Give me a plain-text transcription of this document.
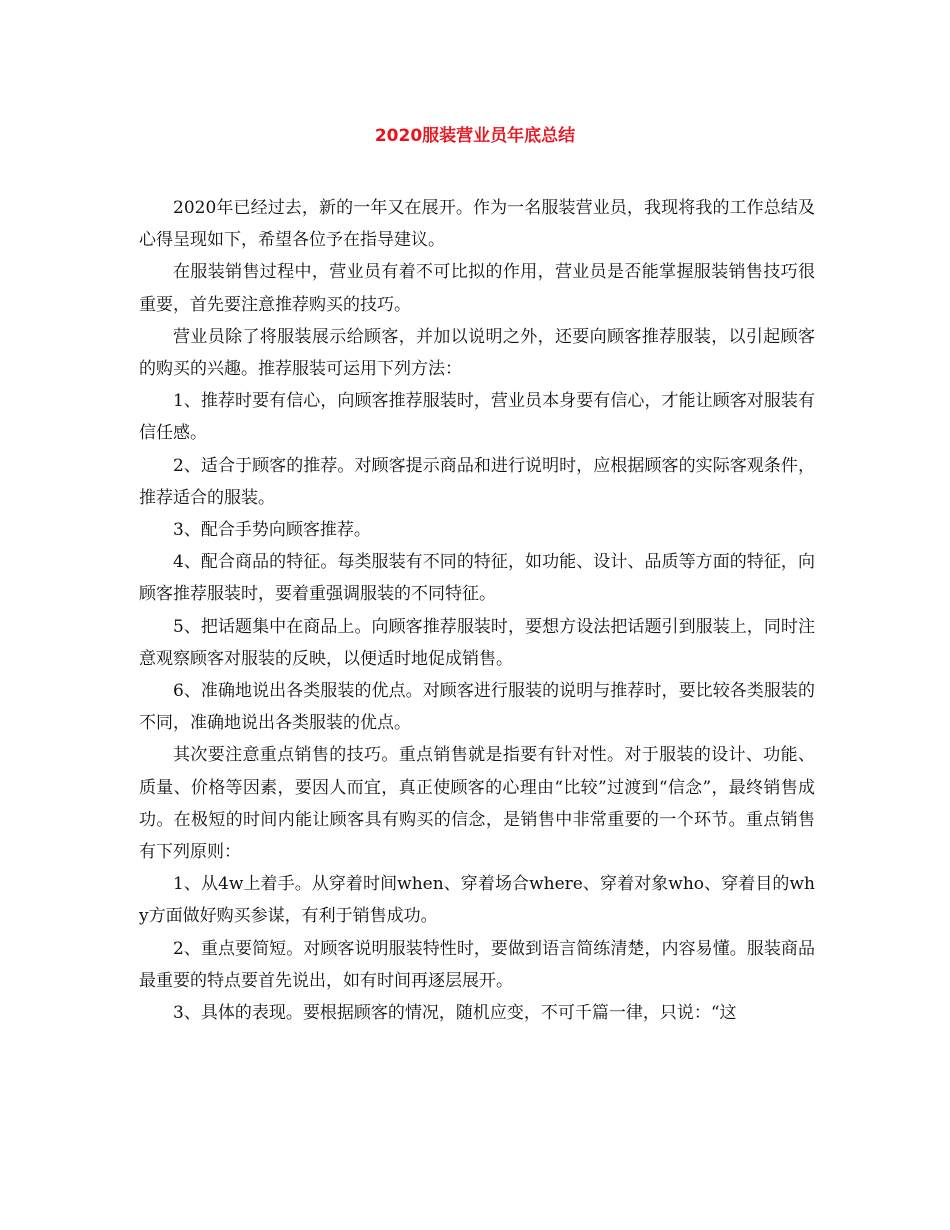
2020服装营业员年底总结

2020年已经过去，新的一年又在展开。作为一名服装营业员，我现将我的工作总结及心得呈现如下，希望各位予在指导建议。

在服装销售过程中，营业员有着不可比拟的作用，营业员是否能掌握服装销售技巧很重要，首先要注意推荐购买的技巧。

营业员除了将服装展示给顾客，并加以说明之外，还要向顾客推荐服装，以引起顾客的购买的兴趣。推荐服装可运用下列方法：

1、推荐时要有信心，向顾客推荐服装时，营业员本身要有信心，才能让顾客对服装有信任感。

2、适合于顾客的推荐。对顾客提示商品和进行说明时，应根据顾客的实际客观条件，推荐适合的服装。

3、配合手势向顾客推荐。

4、配合商品的特征。每类服装有不同的特征，如功能、设计、品质等方面的特征，向顾客推荐服装时，要着重强调服装的不同特征。

5、把话题集中在商品上。向顾客推荐服装时，要想方设法把话题引到服装上，同时注意观察顾客对服装的反映，以便适时地促成销售。

6、准确地说出各类服装的优点。对顾客进行服装的说明与推荐时，要比较各类服装的不同，准确地说出各类服装的优点。

其次要注意重点销售的技巧。重点销售就是指要有针对性。对于服装的设计、功能、质量、价格等因素，要因人而宜，真正使顾客的心理由“比较”过渡到“信念”，最终销售成功。在极短的时间内能让顾客具有购买的信念，是销售中非常重要的一个环节。重点销售有下列原则：

1、从4w上着手。从穿着时间when、穿着场合where、穿着对象who、穿着目的why方面做好购买参谋，有利于销售成功。

2、重点要简短。对顾客说明服装特性时，要做到语言简练清楚，内容易懂。服装商品最重要的特点要首先说出，如有时间再逐层展开。

3、具体的表现。要根据顾客的情况，随机应变，不可千篇一律，只说：“这
